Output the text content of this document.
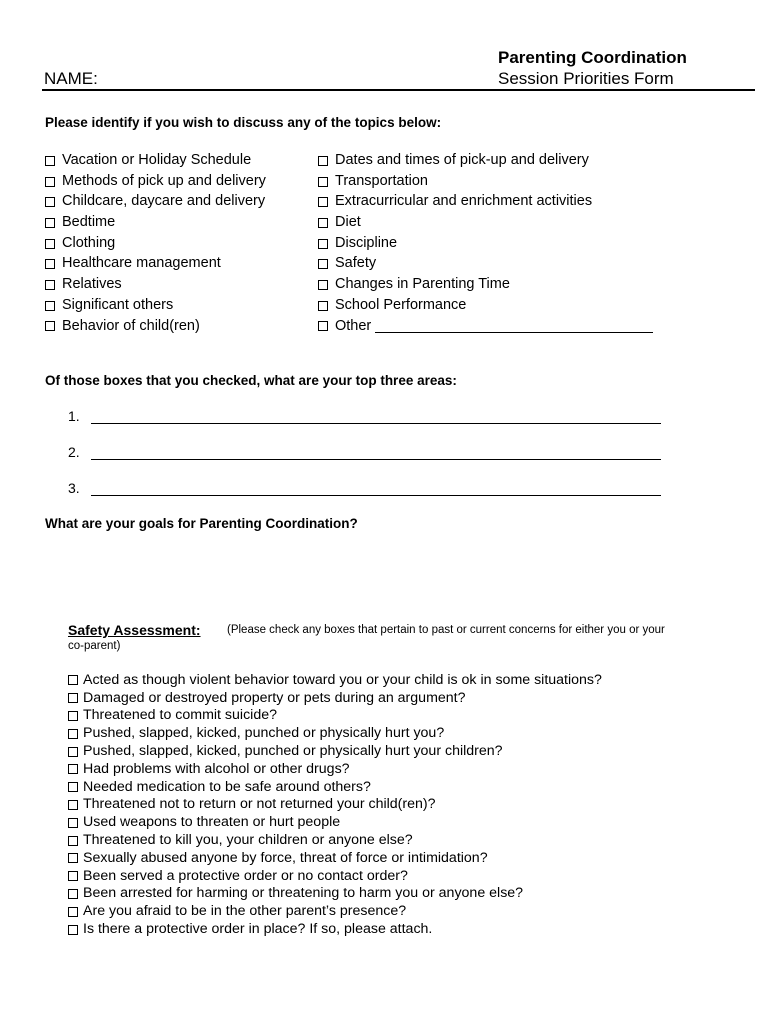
Parenting Coordination
Session Priorities Form
NAME:
Please identify if you wish to discuss any of the topics below:
Vacation or Holiday Schedule
Methods of pick up and delivery
Childcare, daycare and delivery
Bedtime
Clothing
Healthcare management
Relatives
Significant others
Behavior of child(ren)
Dates and times of pick-up and delivery
Transportation
Extracurricular and enrichment activities
Diet
Discipline
Safety
Changes in Parenting Time
School Performance
Other
Of those boxes that you checked, what are your top three areas:
1.
2.
3.
What are your goals for Parenting Coordination?
Safety Assessment: (Please check any boxes that pertain to past or current concerns for either you or your
co-parent)
Acted as though violent behavior toward you or your child is ok in some situations?
Damaged or destroyed property or pets during an argument?
Threatened to commit suicide?
Pushed, slapped, kicked, punched or physically hurt you?
Pushed, slapped, kicked, punched or physically hurt your children?
Had problems with alcohol or other drugs?
Needed medication to be safe around others?
Threatened not to return or not returned your child(ren)?
Used weapons to threaten or hurt people
Threatened to kill you, your children or anyone else?
Sexually abused anyone by force, threat of force or intimidation?
Been served a protective order or no contact order?
Been arrested for harming or threatening to harm you or anyone else?
Are you afraid to be in the other parent’s presence?
Is there a protective order in place? If so, please attach.
